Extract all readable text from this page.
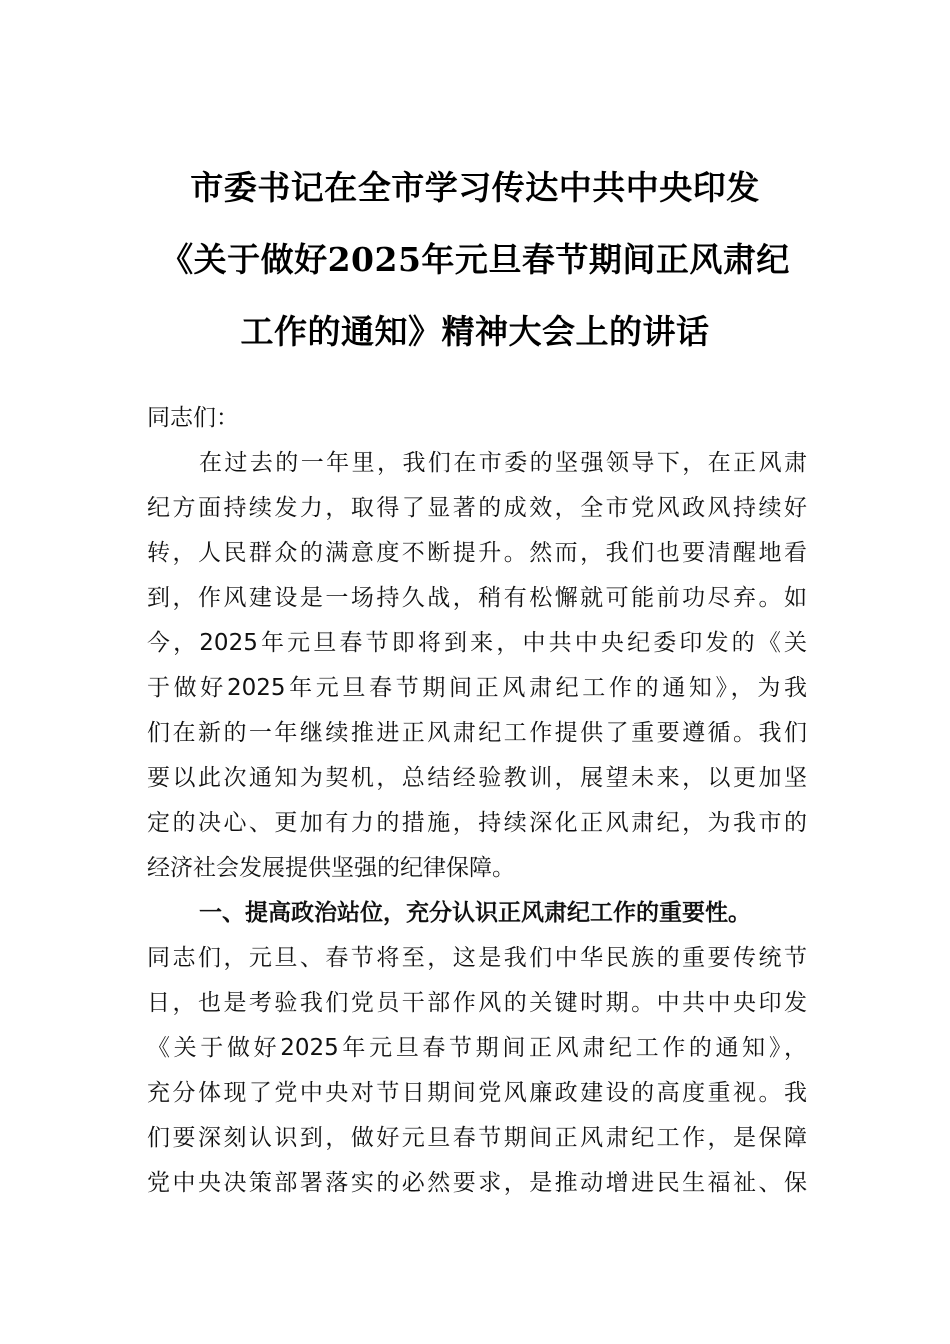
市委书记在全市学习传达中共中央印发
《关于做好2025年元旦春节期间正风肃纪
工作的通知》精神大会上的讲话
同志们：
在过去的一年里，我们在市委的坚强领导下，在正风肃
纪方面持续发力，取得了显著的成效，全市党风政风持续好
转，人民群众的满意度不断提升。然而，我们也要清醒地看
到，作风建设是一场持久战，稍有松懈就可能前功尽弃。如
今，2025年元旦春节即将到来，中共中央纪委印发的《关
于做好2025年元旦春节期间正风肃纪工作的通知》，为我
们在新的一年继续推进正风肃纪工作提供了重要遵循。我们
要以此次通知为契机，总结经验教训，展望未来，以更加坚
定的决心、更加有力的措施，持续深化正风肃纪，为我市的
经济社会发展提供坚强的纪律保障。
一、提高政治站位，充分认识正风肃纪工作的重要性。
同志们，元旦、春节将至，这是我们中华民族的重要传统节
日，也是考验我们党员干部作风的关键时期。中共中央印发
《关于做好2025年元旦春节期间正风肃纪工作的通知》，
充分体现了党中央对节日期间党风廉政建设的高度重视。我
们要深刻认识到，做好元旦春节期间正风肃纪工作，是保障
党中央决策部署落实的必然要求，是推动增进民生福祉、保
